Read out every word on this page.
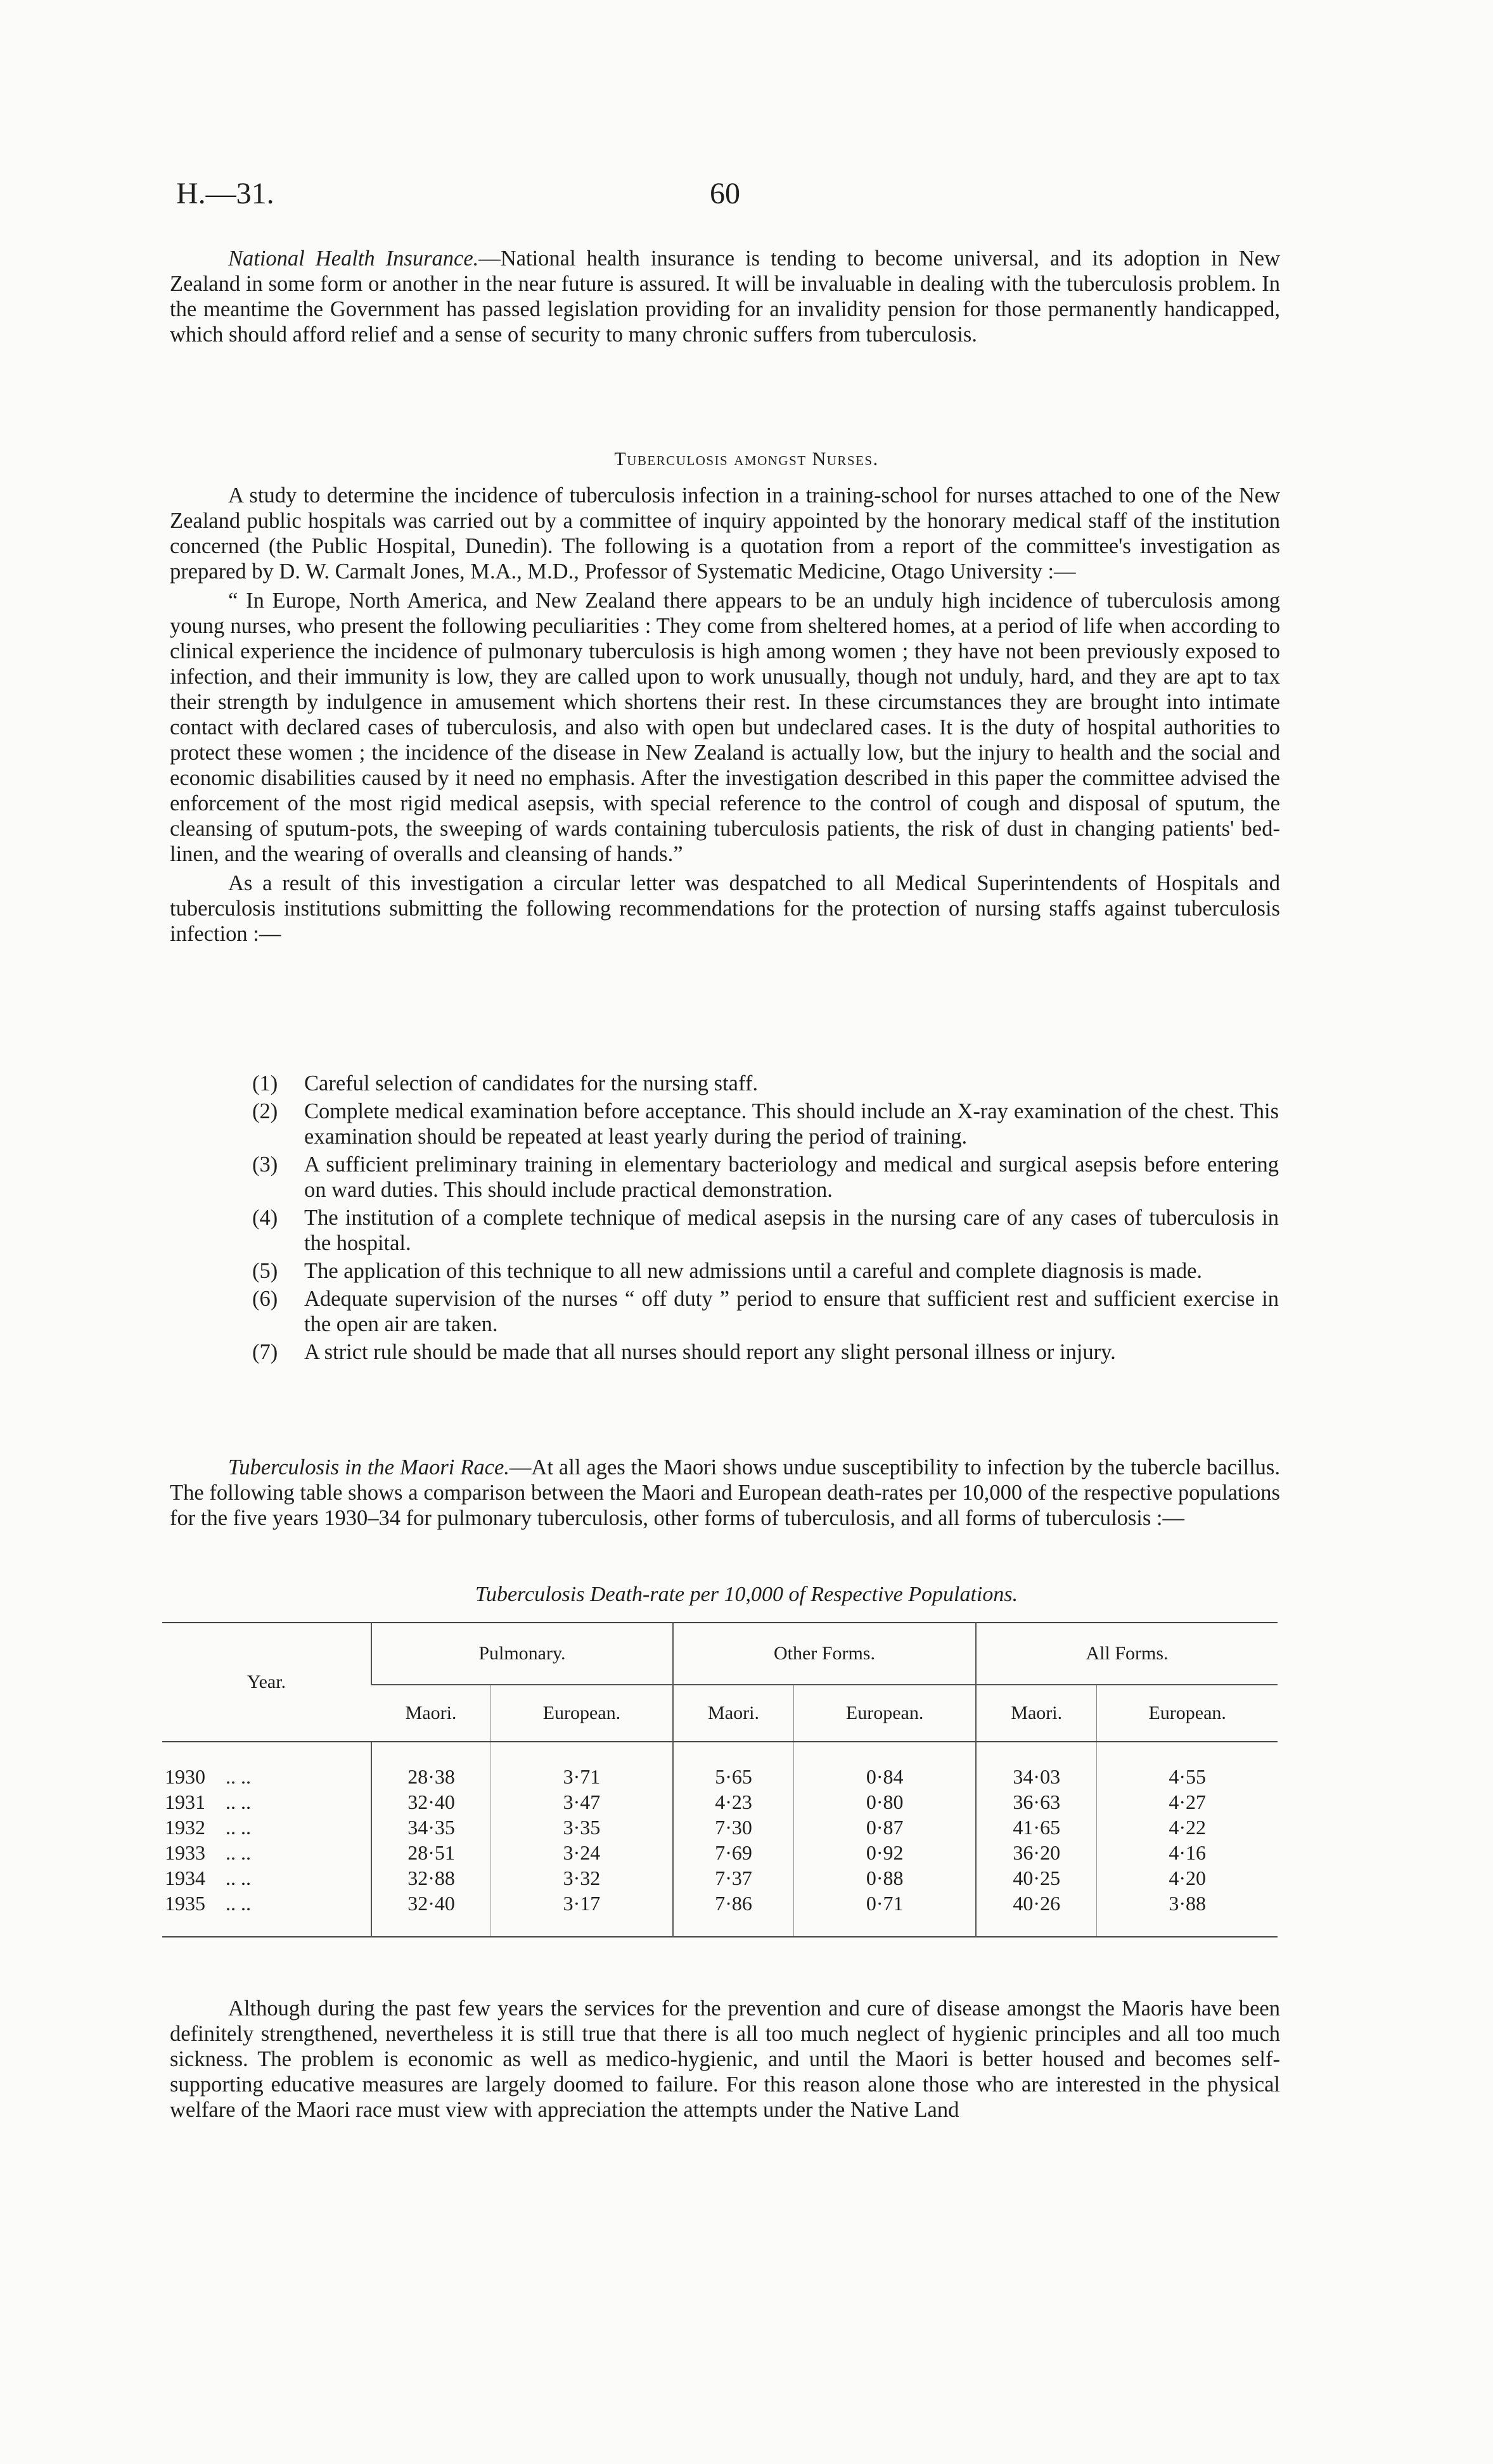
H.—31.	60

National Health Insurance.—National health insurance is tending to become universal, and its adoption in New Zealand in some form or another in the near future is assured. It will be invaluable in dealing with the tuberculosis problem. In the meantime the Government has passed legislation providing for an invalidity pension for those permanently handicapped, which should afford relief and a sense of security to many chronic suffers from tuberculosis.

Tuberculosis amongst Nurses.

A study to determine the incidence of tuberculosis infection in a training-school for nurses attached to one of the New Zealand public hospitals was carried out by a committee of inquiry appointed by the honorary medical staff of the institution concerned (the Public Hospital, Dunedin). The following is a quotation from a report of the committee's investigation as prepared by D. W. Carmalt Jones, M.A., M.D., Professor of Systematic Medicine, Otago University :—

“ In Europe, North America, and New Zealand there appears to be an unduly high incidence of tuberculosis among young nurses, who present the following peculiarities : They come from sheltered homes, at a period of life when according to clinical experience the incidence of pulmonary tuberculosis is high among women ; they have not been previously exposed to infection, and their immunity is low, they are called upon to work unusually, though not unduly, hard, and they are apt to tax their strength by indulgence in amusement which shortens their rest. In these circumstances they are brought into intimate contact with declared cases of tuberculosis, and also with open but undeclared cases. It is the duty of hospital authorities to protect these women ; the incidence of the disease in New Zealand is actually low, but the injury to health and the social and economic disabilities caused by it need no emphasis. After the investigation described in this paper the committee advised the enforcement of the most rigid medical asepsis, with special reference to the control of cough and disposal of sputum, the cleansing of sputum-pots, the sweeping of wards containing tuberculosis patients, the risk of dust in changing patients' bed-linen, and the wearing of overalls and cleansing of hands.”

As a result of this investigation a circular letter was despatched to all Medical Superintendents of Hospitals and tuberculosis institutions submitting the following recommendations for the protection of nursing staffs against tuberculosis infection :—

(1) Careful selection of candidates for the nursing staff.
(2) Complete medical examination before acceptance. This should include an X-ray examination of the chest. This examination should be repeated at least yearly during the period of training.
(3) A sufficient preliminary training in elementary bacteriology and medical and surgical asepsis before entering on ward duties. This should include practical demonstration.
(4) The institution of a complete technique of medical asepsis in the nursing care of any cases of tuberculosis in the hospital.
(5) The application of this technique to all new admissions until a careful and complete diagnosis is made.
(6) Adequate supervision of the nurses “ off duty ” period to ensure that sufficient rest and sufficient exercise in the open air are taken.
(7) A strict rule should be made that all nurses should report any slight personal illness or injury.

Tuberculosis in the Maori Race.—At all ages the Maori shows undue susceptibility to infection by the tubercle bacillus. The following table shows a comparison between the Maori and European death-rates per 10,000 of the respective populations for the five years 1930–34 for pulmonary tuberculosis, other forms of tuberculosis, and all forms of tuberculosis :—

Tuberculosis Death-rate per 10,000 of Respective Populations.
Year.	Pulmonary.		Other Forms.		All Forms.	
	Maori.	European.	Maori.	European.	Maori.	European.
1930 .. ..	28·38	3·71	5·65	0·84	34·03	4·55
1931 .. ..	32·40	3·47	4·23	0·80	36·63	4·27
1932 .. ..	34·35	3·35	7·30	0·87	41·65	4·22
1933 .. ..	28·51	3·24	7·69	0·92	36·20	4·16
1934 .. ..	32·88	3·32	7·37	0·88	40·25	4·20
1935 .. ..	32·40	3·17	7·86	0·71	40·26	3·88

Although during the past few years the services for the prevention and cure of disease amongst the Maoris have been definitely strengthened, nevertheless it is still true that there is all too much neglect of hygienic principles and all too much sickness. The problem is economic as well as medico-hygienic, and until the Maori is better housed and becomes self-supporting educative measures are largely doomed to failure. For this reason alone those who are interested in the physical welfare of the Maori race must view with appreciation the attempts under the Native Land
